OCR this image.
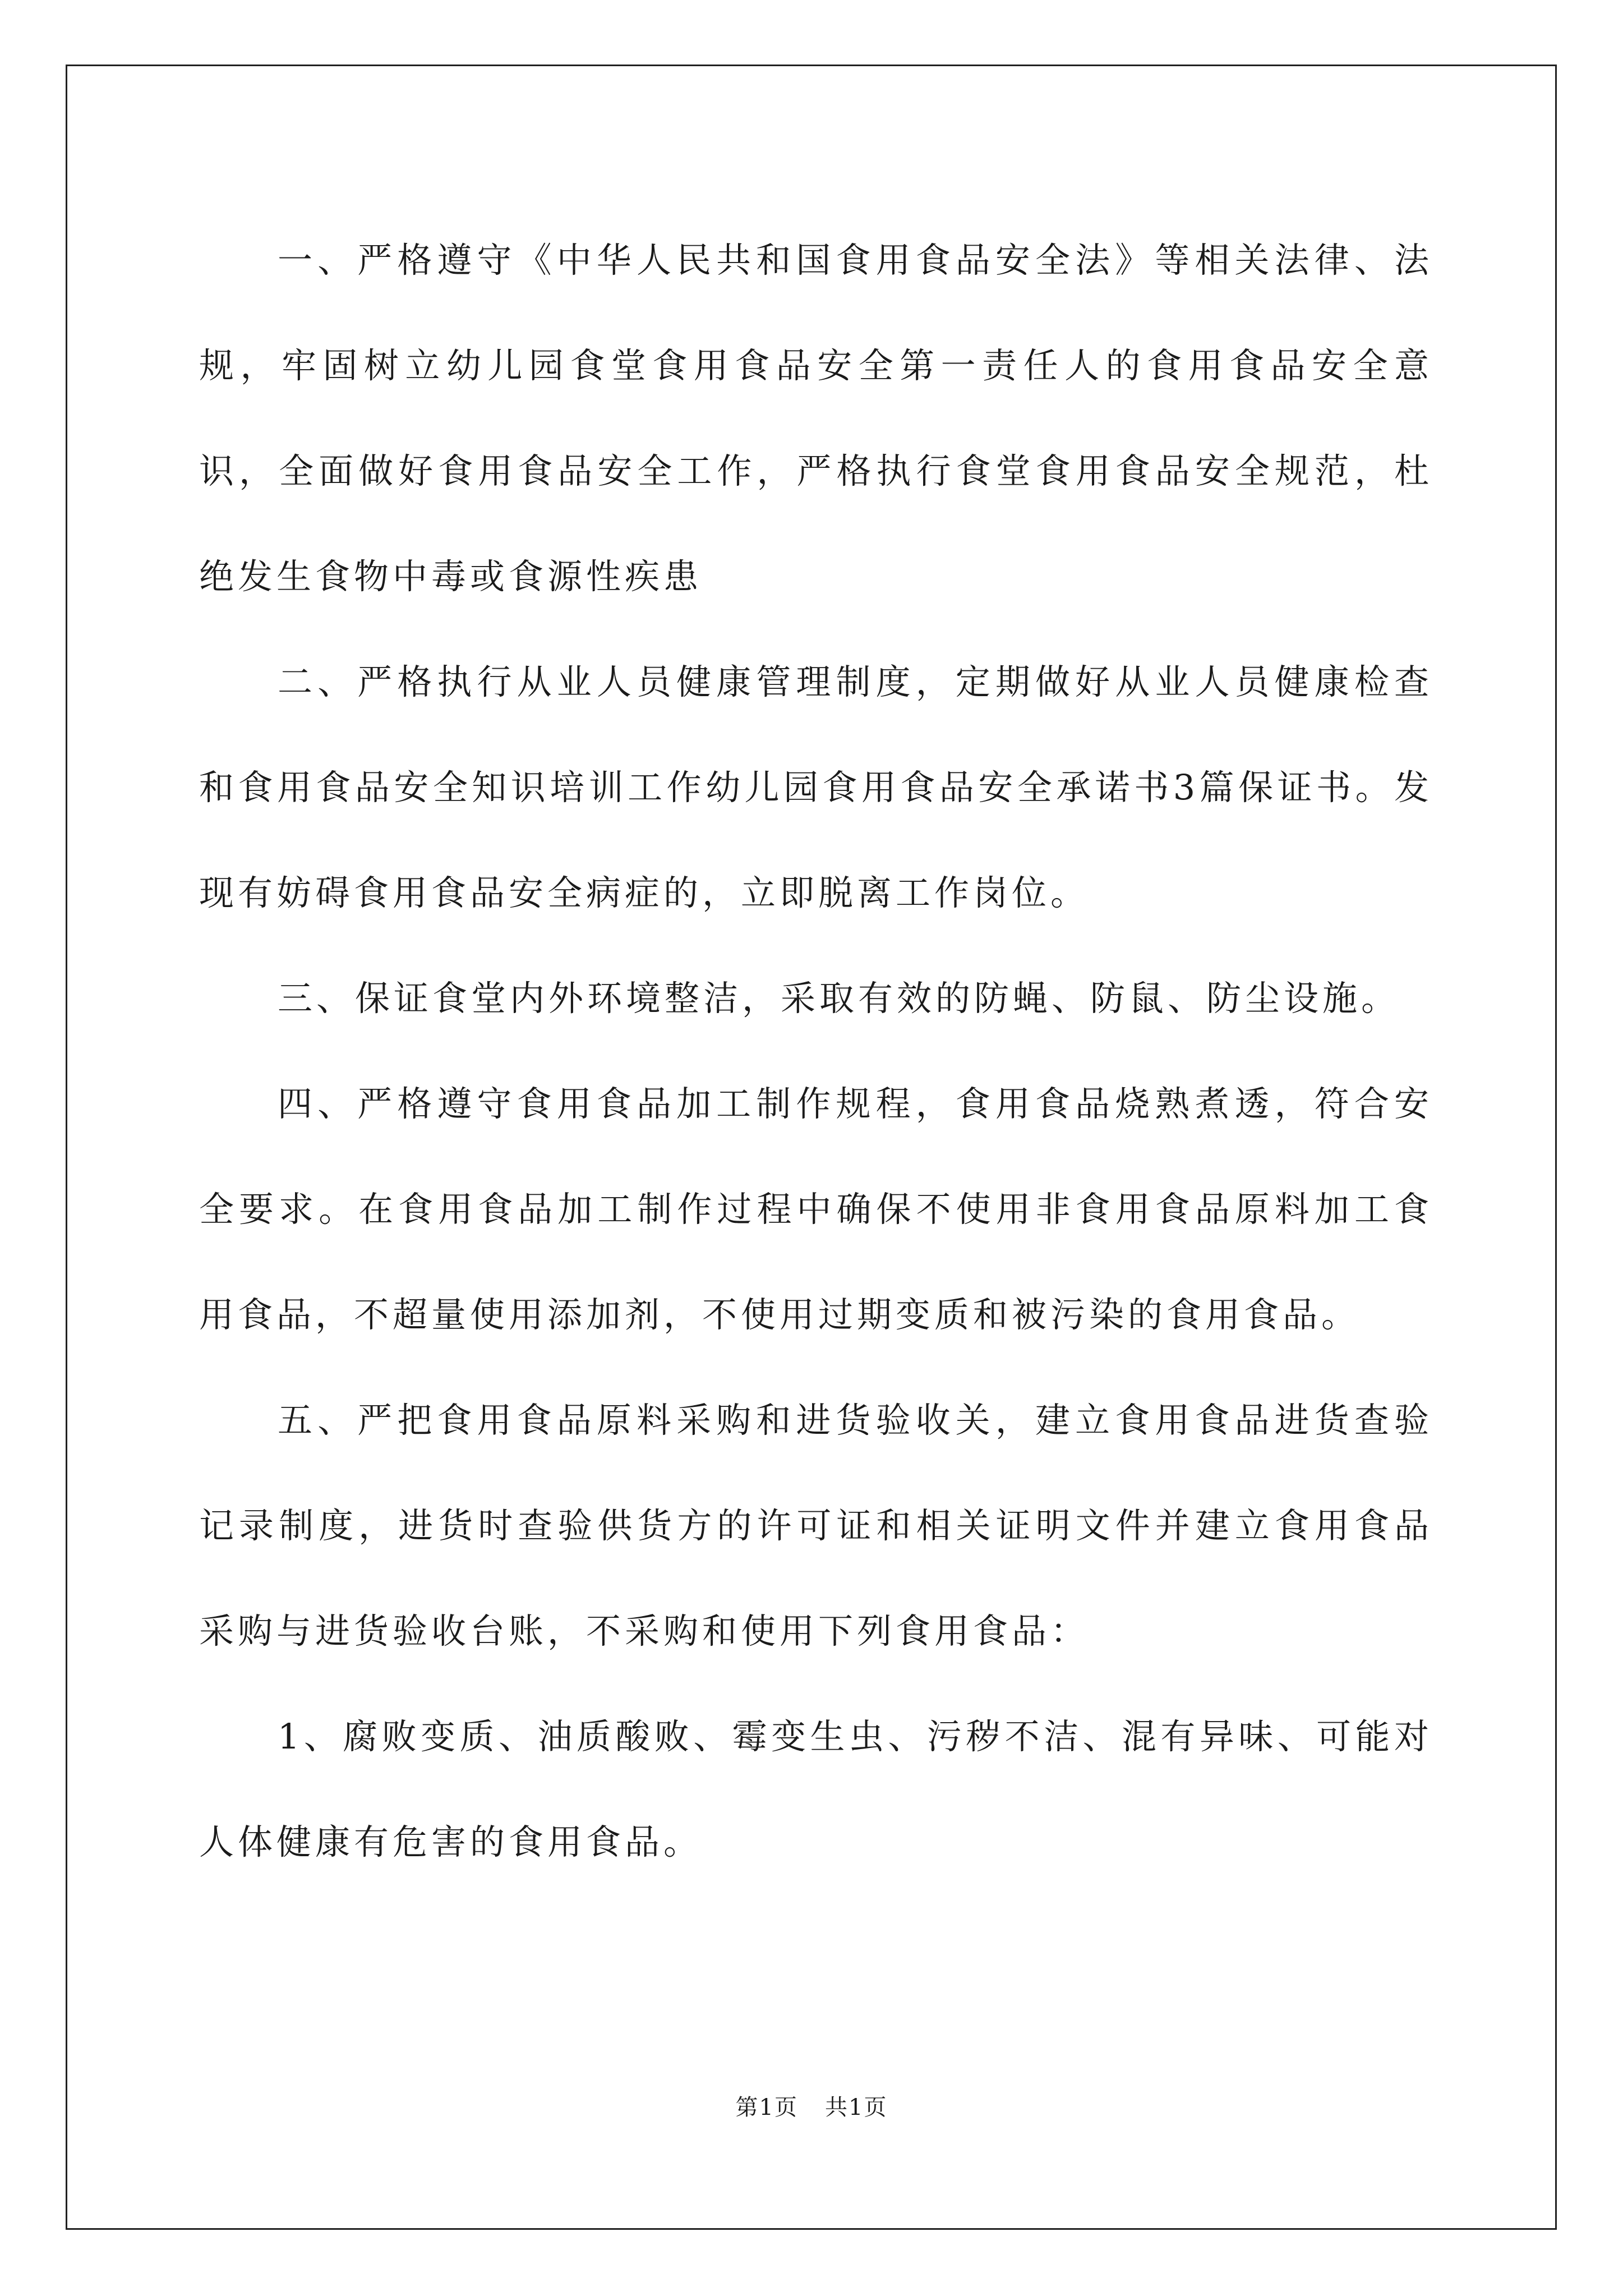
一、严格遵守《中华人民共和国食用食品安全法》等相关法律、法规，牢固树立幼儿园食堂食用食品安全第一责任人的食用食品安全意识，全面做好食用食品安全工作，严格执行食堂食用食品安全规范，杜绝发生食物中毒或食源性疾患

二、严格执行从业人员健康管理制度，定期做好从业人员健康检查和食用食品安全知识培训工作幼儿园食用食品安全承诺书3篇保证书。发现有妨碍食用食品安全病症的，立即脱离工作岗位。

三、保证食堂内外环境整洁，采取有效的防蝇、防鼠、防尘设施。

四、严格遵守食用食品加工制作规程，食用食品烧熟煮透，符合安全要求。在食用食品加工制作过程中确保不使用非食用食品原料加工食用食品，不超量使用添加剂，不使用过期变质和被污染的食用食品。

五、严把食用食品原料采购和进货验收关，建立食用食品进货查验记录制度，进货时查验供货方的许可证和相关证明文件并建立食用食品采购与进货验收台账，不采购和使用下列食用食品：

1、腐败变质、油质酸败、霉变生虫、污秽不洁、混有异味、可能对人体健康有危害的食用食品。

第1页 共1页
